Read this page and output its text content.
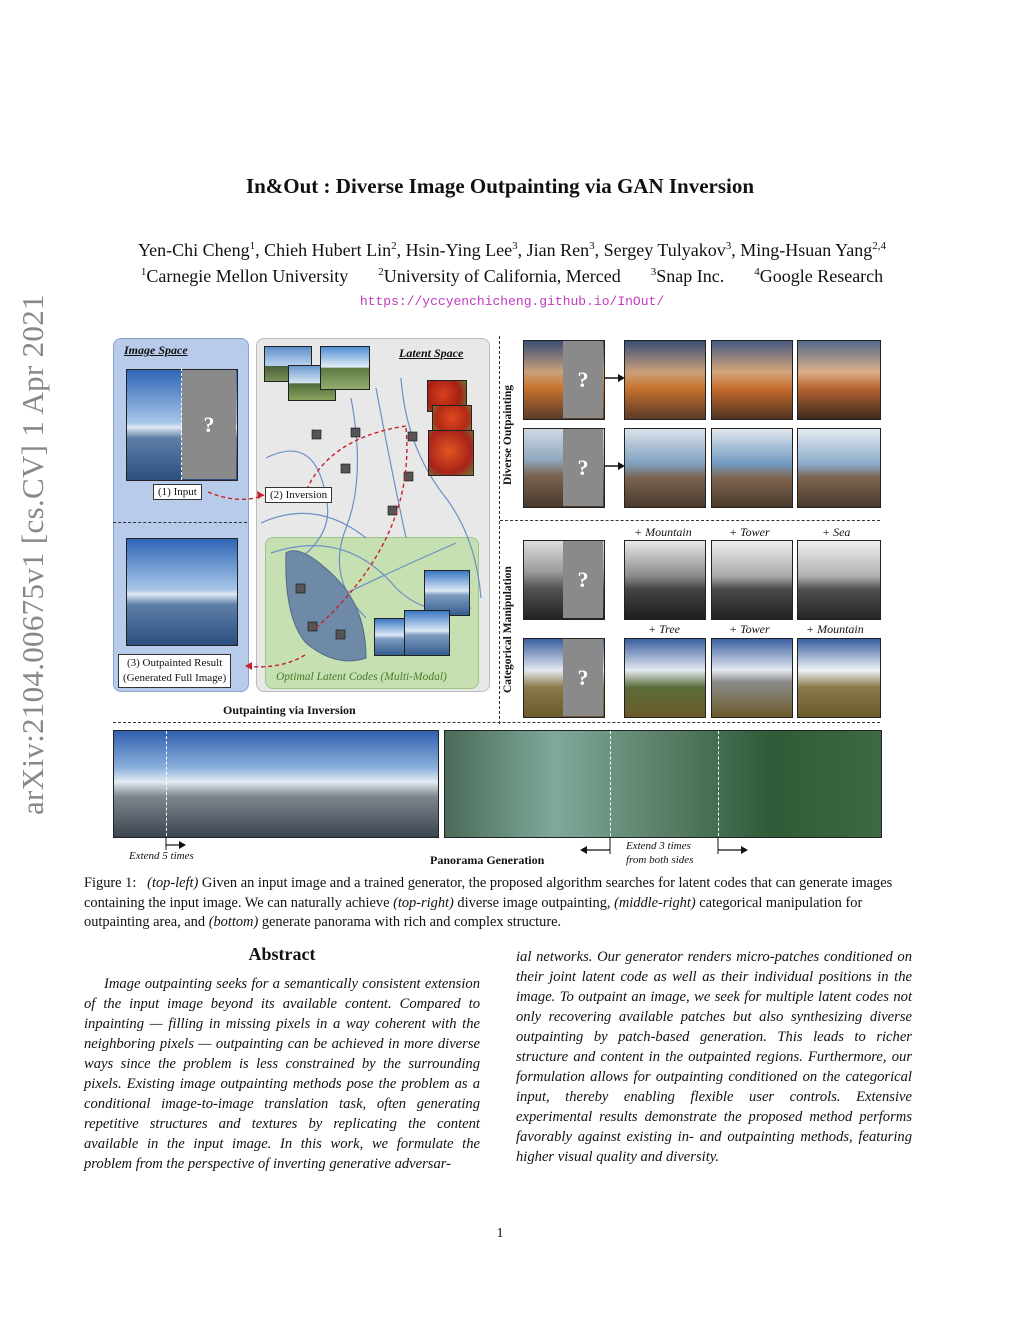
In&Out : Diverse Image Outpainting via GAN Inversion
Yen-Chi Cheng$^1$, Chieh Hubert Lin$^2$, Hsin-Ying Lee$^3$, Jian Ren$^3$, Sergey Tulyakov$^3$, Ming-Hsuan Yang$^{2,4}$
$^1$Carnegie Mellon University	$^2$University of California, Merced	$^3$Snap Inc.	$^4$Google Research
https://yccyenchicheng.github.io/InOut/
arXiv:2104.00675v1 [cs.CV] 1 Apr 2021	Image Space	Latent Space
?
(1) Input	(2) Inversion
(3) Outpainted Result
(Generated Full Image)	Optimal Latent Codes (Multi-Modal)
Outpainting via Inversion
Diverse Outpainting
Categorical Manipulation
?
?
+ Mountain	+ Tower	+ Sea
?
+ Tree	+ Tower	+ Mountain
?
Extend 5 times	Panorama Generation
Extend 3 times
from both sides
Figure 1: (top-left) Given an input image and a trained generator, the proposed algorithm searches for latent codes that can generate images containing the input image. We can naturally achieve (top-right) diverse image outpainting, (middle-right) categorical manipulation for outpainting area, and (bottom) generate panorama with rich and complex structure.
Abstract
Image outpainting seeks for a semantically consistent extension of the input image beyond its available content. Compared to inpainting — filling in missing pixels in a way coherent with the neighboring pixels — outpainting can be achieved in more diverse ways since the problem is less constrained by the surrounding pixels. Existing image outpainting methods pose the problem as a conditional image-to-image translation task, often generating repetitive structures and textures by replicating the content available in the input image. In this work, we formulate the problem from the perspective of inverting generative adversar-
ial networks. Our generator renders micro-patches conditioned on their joint latent code as well as their individual positions in the image. To outpaint an image, we seek for multiple latent codes not only recovering available patches but also synthesizing diverse outpainting by patch-based generation. This leads to richer structure and content in the outpainted regions. Furthermore, our formulation allows for outpainting conditioned on the categorical input, thereby enabling flexible user controls. Extensive experimental results demonstrate the proposed method performs favorably against existing in- and outpainting methods, featuring higher visual quality and diversity.
1
